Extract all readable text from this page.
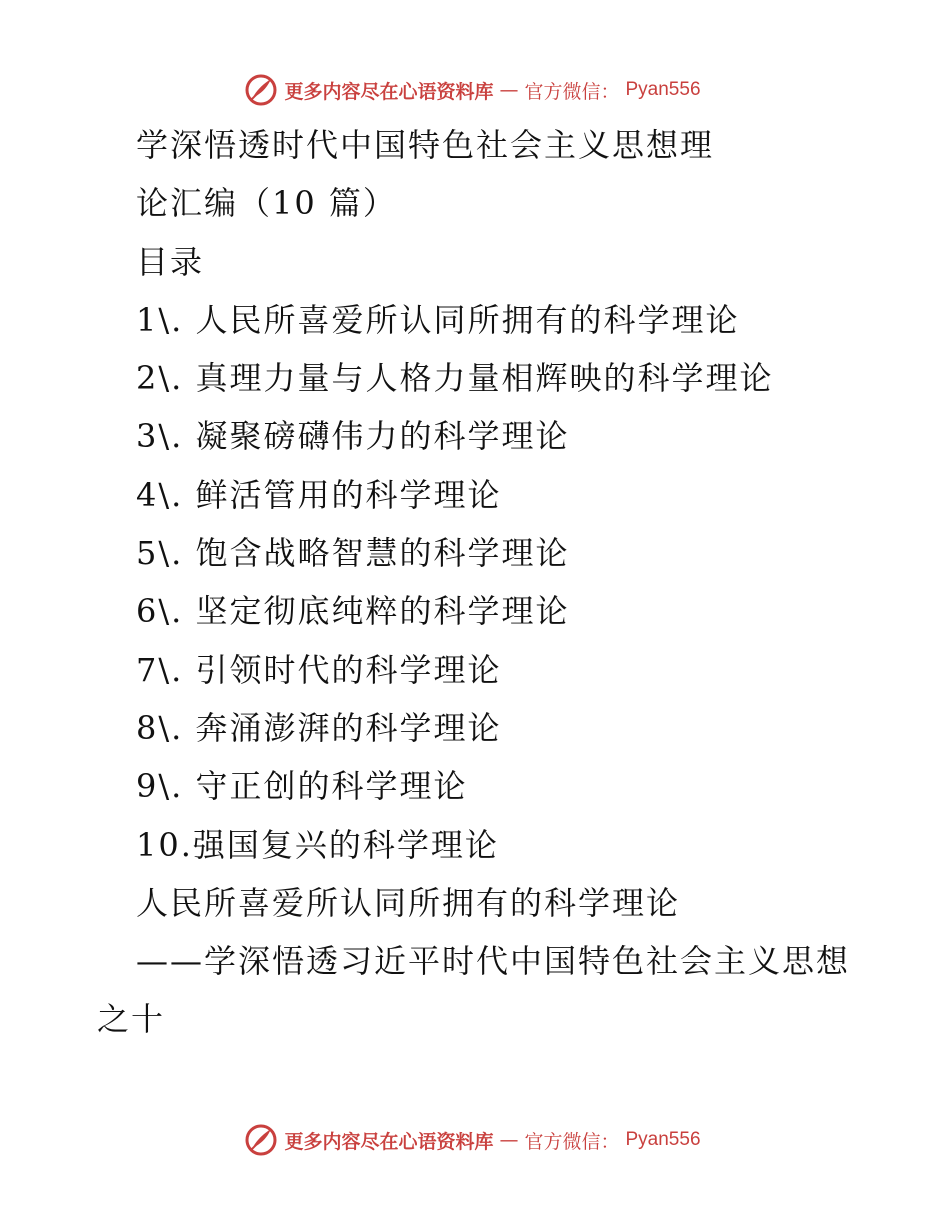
更多内容尽在心语资料库 — 官方微信： Pyan556
学深悟透时代中国特色社会主义思想理
论汇编（10 篇）
目录
1\. 人民所喜爱所认同所拥有的科学理论
2\. 真理力量与人格力量相辉映的科学理论
3\. 凝聚磅礴伟力的科学理论
4\. 鲜活管用的科学理论
5\. 饱含战略智慧的科学理论
6\. 坚定彻底纯粹的科学理论
7\. 引领时代的科学理论
8\. 奔涌澎湃的科学理论
9\. 守正创的科学理论
10.强国复兴的科学理论
人民所喜爱所认同所拥有的科学理论
——学深悟透习近平时代中国特色社会主义思想
之十
更多内容尽在心语资料库 — 官方微信： Pyan556
